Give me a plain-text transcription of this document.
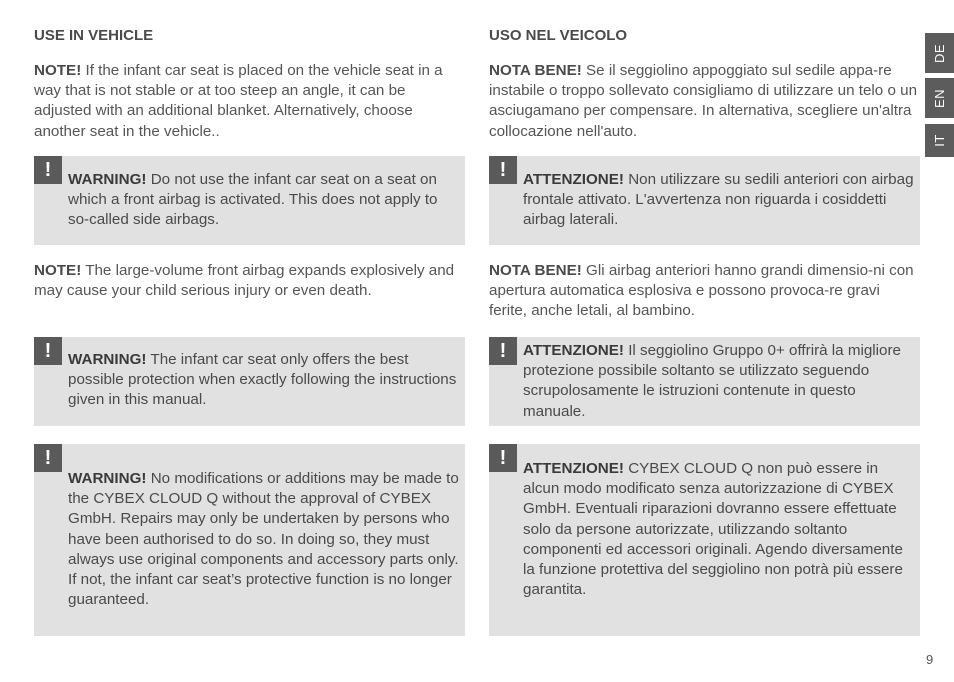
USE IN VEHICLE

NOTE! If the infant car seat is placed on the vehicle seat in a way that is not stable or at too steep an angle, it can be adjusted with an additional blanket. Alternatively, choose another seat in the vehicle..

!	WARNING! Do not use the infant car seat on a seat on which a front airbag is activated. This does not apply to so-called side airbags.

NOTE! The large-volume front airbag expands explosively and may cause your child serious injury or even death.

!	WARNING! The infant car seat only offers the best possible protection when exactly following the instructions given in this manual.

!

WARNING! No modifications or additions may be made to the CYBEX CLOUD Q without the approval of CYBEX GmbH. Repairs may only be undertaken by persons who have been authorised to do so. In doing so, they must always use original components and accessory parts only. If not, the infant car seat’s protective function is no longer guaranteed.

USO NEL VEICOLO

NOTA BENE! Se il seggiolino appoggiato sul sedile appa-re instabile o troppo sollevato consigliamo di utilizzare un telo o un asciugamano per compensare. In alternativa, scegliere un'altra collocazione nell'auto.

!	ATTENZIONE! Non utilizzare su sedili anteriori con airbag frontale attivato. L'avvertenza non riguarda i cosiddetti airbag laterali.

NOTA BENE! Gli airbag anteriori hanno grandi dimensio-ni con apertura automatica esplosiva e possono provoca-re gravi ferite, anche letali, al bambino.

!	ATTENZIONE! Il seggiolino Gruppo 0+ offrirà la migliore protezione possibile soltanto se utilizzato seguendo scrupolosamente le istruzioni contenute in questo manuale.

!	ATTENZIONE! CYBEX CLOUD Q non può essere in alcun modo modificato senza autorizzazione di CYBEX GmbH. Eventuali riparazioni dovranno essere effettuate solo da persone autorizzate, utilizzando soltanto componenti ed accessori originali. Agendo diversamente la funzione protettiva del seggiolino non potrà più essere garantita.

DE
EN
IT
9
